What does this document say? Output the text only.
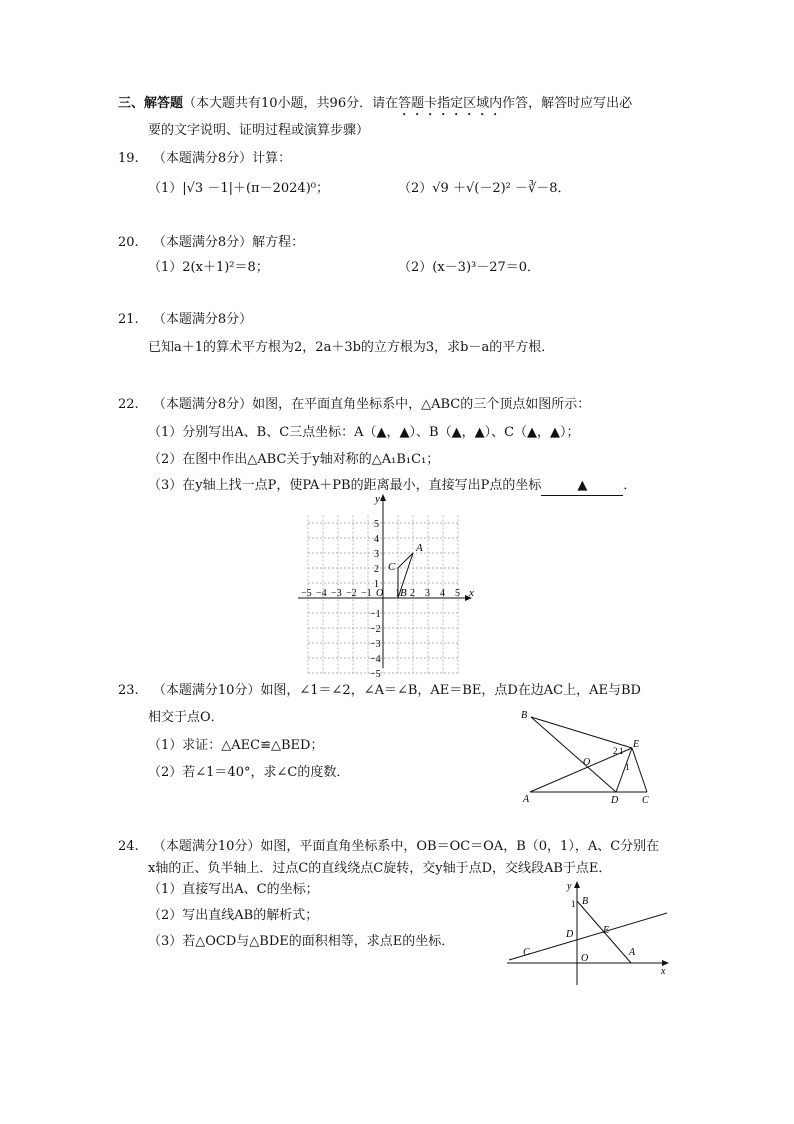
三、解答题（本大题共有10小题，共96分．请在答题卡指定区域内作答，解答时应写出必
要的文字说明、证明过程或演算步骤）
19. （本题满分8分）计算：
（1）|√3 －1|＋(π－2024)⁰；	（2）√9 ＋√(－2)² －∛－8．
20. （本题满分8分）解方程：
（1）2(x＋1)²＝8；	（2）(x－3)³－27＝0．
21. （本题满分8分）
已知a＋1的算术平方根为2，2a＋3b的立方根为3，求b－a的平方根．
22. （本题满分8分）如图，在平面直角坐标系中，△ABC的三个顶点如图所示：
（1）分别写出A、B、C三点坐标：A（▲，▲）、B（▲，▲）、C（▲，▲）；
（2）在图中作出△ABC关于y轴对称的△A₁B₁C₁；
（3）在y轴上找一点P，使PA＋PB的距离最小，直接写出P点的坐标	▲	．
x
y
O
−5 −4 −3 −2 −1 1 2 3 4 5
5
4
3
2
1
−1
−2
−3
−4
−5
A
B
C
23. （本题满分10分）如图，∠1＝∠2，∠A＝∠B，AE＝BE，点D在边AC上，AE与BD
相交于点O．
（1）求证：△AEC≌△BED；
（2）若∠1＝40°，求∠C的度数．
B
E
2 1
1
O
A	D C
24. （本题满分10分）如图，平面直角坐标系中，OB＝OC＝OA，B（0，1），A、C分别在
x轴的正、负半轴上．过点C的直线绕点C旋转，交y轴于点D，交线段AB于点E．
（1）直接写出A、C的坐标；
（2）写出直线AB的解析式；
（3）若△OCD与△BDE的面积相等，求点E的坐标．
y
1 B
E
D
C
O
A
x
